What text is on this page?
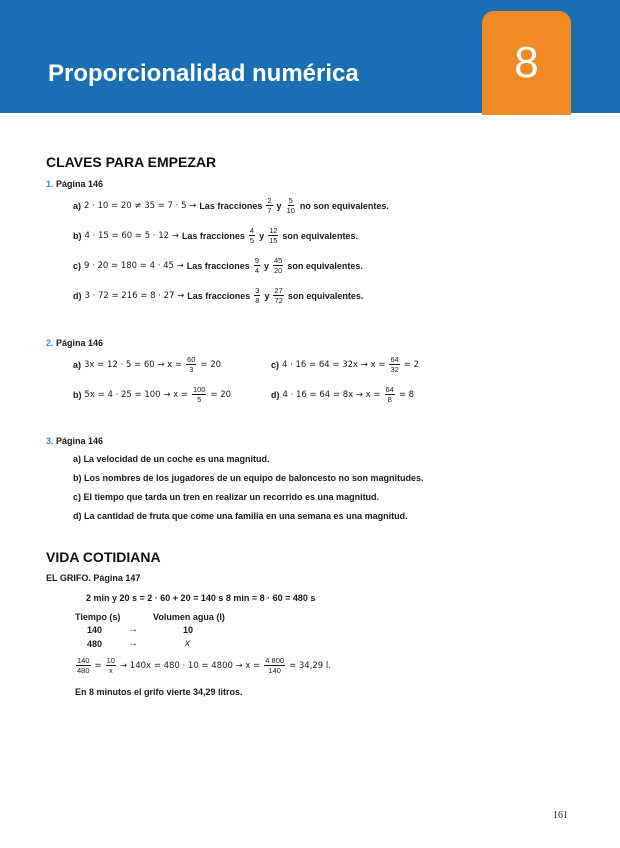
Proporcionalidad numérica	8
CLAVES PARA EMPEZAR
1. Página 146
a) 2 · 10 = 20 ≠ 35 = 7 · 5 → Las fracciones $\frac{2}{7}$ y $\frac{5}{10}$ no son equivalentes.
b) 4 · 15 = 60 = 5 · 12 → Las fracciones $\frac{4}{5}$ y $\frac{12}{15}$ son equivalentes.
c) 9 · 20 = 180 = 4 · 45 → Las fracciones $\frac{9}{4}$ y $\frac{45}{20}$ son equivalentes.
d) 3 · 72 = 216 = 8 · 27 → Las fracciones $\frac{3}{8}$ y $\frac{27}{72}$ son equivalentes.
2. Página 146
a) $3x = 12 \cdot 5 = 60 \to x = \frac{60}{3} = 20$	c) $4 \cdot 16 = 64 = 32x \to x = \frac{64}{32} = 2$
b) $5x = 4 \cdot 25 = 100 \to x = \frac{100}{5} = 20$	d) $4 \cdot 16 = 64 = 8x \to x = \frac{64}{8} = 8$
3. Página 146
a) La velocidad de un coche es una magnitud.
b) Los nombres de los jugadores de un equipo de baloncesto no son magnitudes.
c) El tiempo que tarda un tren en realizar un recorrido es una magnitud.
d) La cantidad de fruta que come una familia en una semana es una magnitud.
VIDA COTIDIANA
EL GRIFO. Página 147
2 min y 20 s = 2 · 60 + 20 = 140 s 8 min = 8 · 60 = 480 s
Tiempo (s)	Volumen agua (l)
140	→	10
480	→	x
$\frac{140}{480} = \frac{10}{x} \to 140x = 480 \cdot 10 = 4800 \to x = \frac{4 800}{140} = 34,29$ l.
En 8 minutos el grifo vierte 34,29 litros.
161
